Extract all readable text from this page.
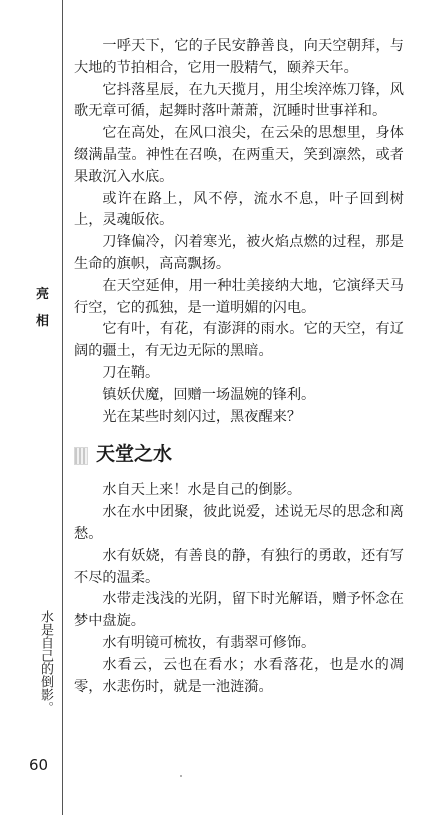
亮
相
水是自己的倒影。
60

一呼天下，它的子民安静善良，向天空朝拜，与大地的节拍相合，它用一股精气，颐养天年。

它抖落星辰，在九天揽月，用尘埃淬炼刀锋，风歌无章可循，起舞时落叶萧萧，沉睡时世事祥和。

它在高处，在风口浪尖，在云朵的思想里，身体缀满晶莹。神性在召唤，在两重天，笑到凛然，或者果敢沉入水底。

或许在路上，风不停，流水不息，叶子回到树上，灵魂皈依。

刀锋偏冷，闪着寒光，被火焰点燃的过程，那是生命的旗帜，高高飘扬。

在天空延伸，用一种壮美接纳大地，它演绎天马行空，它的孤独，是一道明媚的闪电。

它有叶，有花，有澎湃的雨水。它的天空，有辽阔的疆土，有无边无际的黑暗。

刀在鞘。

镇妖伏魔，回赠一场温婉的锋利。

光在某些时刻闪过，黑夜醒来？

天堂之水

水自天上来！水是自己的倒影。

水在水中团聚，彼此说爱，述说无尽的思念和离愁。

水有妖娆，有善良的静，有独行的勇敢，还有写不尽的温柔。

水带走浅浅的光阴，留下时光解语，赠予怀念在梦中盘旋。

水有明镜可梳妆，有翡翠可修饰。

水看云，云也在看水；水看落花，也是水的凋零，水悲伤时，就是一池涟漪。
